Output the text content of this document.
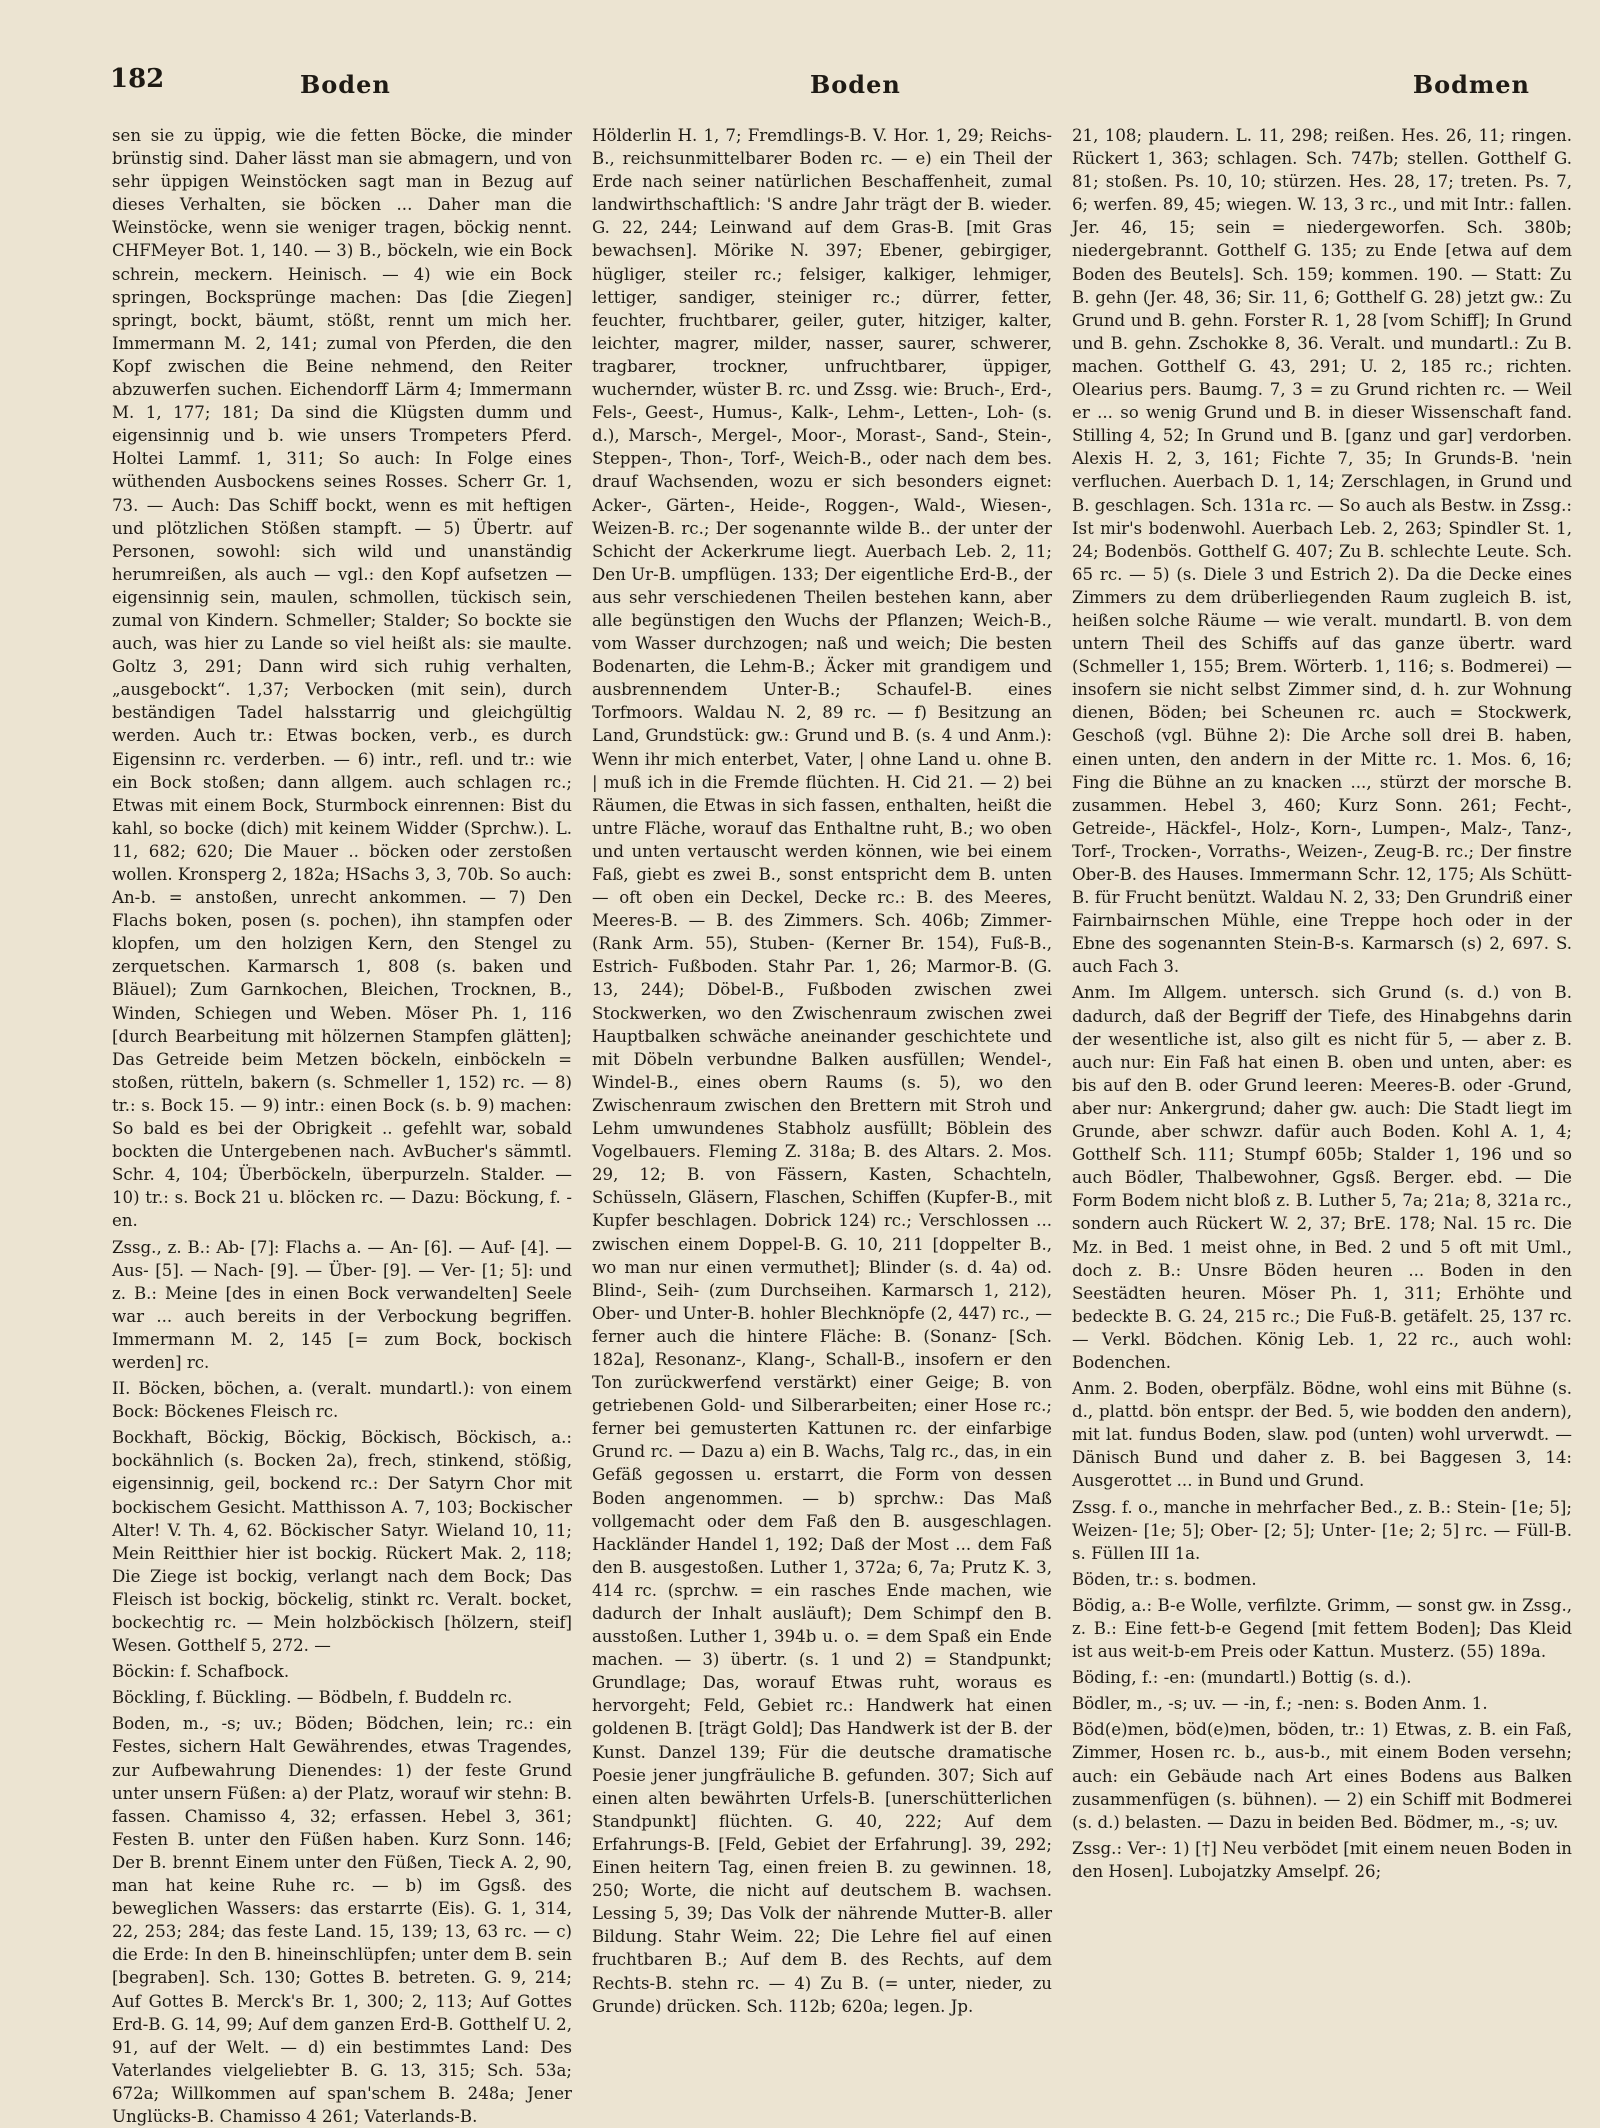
182	Boden	Boden	Bodmen

sen sie zu üppig, wie die fetten Böcke, die minder brünstig sind. Daher lässt man sie abmagern, und von sehr üppigen Weinstöcken sagt man in Bezug auf dieses Verhalten, sie böcken ... Daher man die Weinstöcke, wenn sie weniger tragen, böckig nennt. CHFMeyer Bot. 1, 140. — 3) B., böckeln, wie ein Bock schrein, meckern. Heinisch. — 4) wie ein Bock springen, Bocksprünge machen: Das [die Ziegen] springt, bockt, bäumt, stößt, rennt um mich her. Immermann M. 2, 141; zumal von Pferden, die den Kopf zwischen die Beine nehmend, den Reiter abzuwerfen suchen. Eichendorff Lärm 4; Immermann M. 1, 177; 181; Da sind die Klügsten dumm und eigensinnig und b. wie unsers Trompeters Pferd. Holtei Lammf. 1, 311; So auch: In Folge eines wüthenden Ausbockens seines Rosses. Scherr Gr. 1, 73. — Auch: Das Schiff bockt, wenn es mit heftigen und plötzlichen Stößen stampft. — 5) Übertr. auf Personen, sowohl: sich wild und unanständig herumreißen, als auch — vgl.: den Kopf aufsetzen — eigensinnig sein, maulen, schmollen, tückisch sein, zumal von Kindern. Schmeller; Stalder; So bockte sie auch, was hier zu Lande so viel heißt als: sie maulte. Goltz 3, 291; Dann wird sich ruhig verhalten, „ausgebockt“. 1,37; Verbocken (mit sein), durch beständigen Tadel halsstarrig und gleichgültig werden. Auch tr.: Etwas bocken, verb., es durch Eigensinn rc. verderben. — 6) intr., refl. und tr.: wie ein Bock stoßen; dann allgem. auch schlagen rc.; Etwas mit einem Bock, Sturmbock einrennen: Bist du kahl, so bocke (dich) mit keinem Widder (Sprchw.). L. 11, 682; 620; Die Mauer .. böcken oder zerstoßen wollen. Kronsperg 2, 182a; HSachs 3, 3, 70b. So auch: An-b. = anstoßen, unrecht ankommen. — 7) Den Flachs boken, posen (s. pochen), ihn stampfen oder klopfen, um den holzigen Kern, den Stengel zu zerquetschen. Karmarsch 1, 808 (s. baken und Bläuel); Zum Garnkochen, Bleichen, Trocknen, B., Winden, Schiegen und Weben. Möser Ph. 1, 116 [durch Bearbeitung mit hölzernen Stampfen glätten]; Das Getreide beim Metzen böckeln, einböckeln = stoßen, rütteln, bakern (s. Schmeller 1, 152) rc. — 8) tr.: s. Bock 15. — 9) intr.: einen Bock (s. b. 9) machen: So bald es bei der Obrigkeit .. gefehlt war, sobald bockten die Untergebenen nach. AvBucher's sämmtl. Schr. 4, 104; Überböckeln, überpurzeln. Stalder. — 10) tr.: s. Bock 21 u. blöcken rc. — Dazu: Böckung, f. -en.

Zssg., z. B.: Ab- [7]: Flachs a. — An- [6]. — Auf- [4]. — Aus- [5]. — Nach- [9]. — Über- [9]. — Ver- [1; 5]: und z. B.: Meine [des in einen Bock verwandelten] Seele war ... auch bereits in der Verbockung begriffen. Immermann M. 2, 145 [= zum Bock, bockisch werden] rc.

II. Böcken, böchen, a. (veralt. mundartl.): von einem Bock: Böckenes Fleisch rc.

Bockhaft, Böckig, Böckig, Böckisch, Böckisch, a.: bockähnlich (s. Bocken 2a), frech, stinkend, stößig, eigensinnig, geil, bockend rc.: Der Satyrn Chor mit bockischem Gesicht. Matthisson A. 7, 103; Bockischer Alter! V. Th. 4, 62. Böckischer Satyr. Wieland 10, 11; Mein Reitthier hier ist bockig. Rückert Mak. 2, 118; Die Ziege ist bockig, verlangt nach dem Bock; Das Fleisch ist bockig, böckelig, stinkt rc. Veralt. bocket, bockechtig rc. — Mein holzböckisch [hölzern, steif] Wesen. Gotthelf 5, 272. —

Böckin: f. Schafbock.

Böckling, f. Bückling. — Bödbeln, f. Buddeln rc.

Boden, m., -s; uv.; Böden; Bödchen, lein; rc.: ein Festes, sichern Halt Gewährendes, etwas Tragendes, zur Aufbewahrung Dienendes: 1) der feste Grund unter unsern Füßen: a) der Platz, worauf wir stehn: B. fassen. Chamisso 4, 32; erfassen. Hebel 3, 361; Festen B. unter den Füßen haben. Kurz Sonn. 146; Der B. brennt Einem unter den Füßen, Tieck A. 2, 90, man hat keine Ruhe rc. — b) im Ggsß. des beweglichen Wassers: das erstarrte (Eis). G. 1, 314, 22, 253; 284; das feste Land. 15, 139; 13, 63 rc. — c) die Erde: In den B. hineinschlüpfen; unter dem B. sein [begraben]. Sch. 130; Gottes B. betreten. G. 9, 214; Auf Gottes B. Merck's Br. 1, 300; 2, 113; Auf Gottes Erd-B. G. 14, 99; Auf dem ganzen Erd-B. Gotthelf U. 2, 91, auf der Welt. — d) ein bestimmtes Land: Des Vaterlandes vielgeliebter B. G. 13, 315; Sch. 53a; 672a; Willkommen auf span'schem B. 248a; Jener Unglücks-B. Chamisso 4 261; Vaterlands-B.

Hölderlin H. 1, 7; Fremdlings-B. V. Hor. 1, 29; Reichs-B., reichsunmittelbarer Boden rc. — e) ein Theil der Erde nach seiner natürlichen Beschaffenheit, zumal landwirthschaftlich: 'S andre Jahr trägt der B. wieder. G. 22, 244; Leinwand auf dem Gras-B. [mit Gras bewachsen]. Mörike N. 397; Ebener, gebirgiger, hügliger, steiler rc.; felsiger, kalkiger, lehmiger, lettiger, sandiger, steiniger rc.; dürrer, fetter, feuchter, fruchtbarer, geiler, guter, hitziger, kalter, leichter, magrer, milder, nasser, saurer, schwerer, tragbarer, trockner, unfruchtbarer, üppiger, wuchernder, wüster B. rc. und Zssg. wie: Bruch-, Erd-, Fels-, Geest-, Humus-, Kalk-, Lehm-, Letten-, Loh- (s. d.), Marsch-, Mergel-, Moor-, Morast-, Sand-, Stein-, Steppen-, Thon-, Torf-, Weich-B., oder nach dem bes. drauf Wachsenden, wozu er sich besonders eignet: Acker-, Gärten-, Heide-, Roggen-, Wald-, Wiesen-, Weizen-B. rc.; Der sogenannte wilde B.. der unter der Schicht der Ackerkrume liegt. Auerbach Leb. 2, 11; Den Ur-B. umpflügen. 133; Der eigentliche Erd-B., der aus sehr verschiedenen Theilen bestehen kann, aber alle begünstigen den Wuchs der Pflanzen; Weich-B., vom Wasser durchzogen; naß und weich; Die besten Bodenarten, die Lehm-B.; Äcker mit grandigem und ausbrennendem Unter-B.; Schaufel-B. eines Torfmoors. Waldau N. 2, 89 rc. — f) Besitzung an Land, Grundstück: gw.: Grund und B. (s. 4 und Anm.): Wenn ihr mich enterbet, Vater, | ohne Land u. ohne B. | muß ich in die Fremde flüchten. H. Cid 21. — 2) bei Räumen, die Etwas in sich fassen, enthalten, heißt die untre Fläche, worauf das Enthaltne ruht, B.; wo oben und unten vertauscht werden können, wie bei einem Faß, giebt es zwei B., sonst entspricht dem B. unten — oft oben ein Deckel, Decke rc.: B. des Meeres, Meeres-B. — B. des Zimmers. Sch. 406b; Zimmer- (Rank Arm. 55), Stuben- (Kerner Br. 154), Fuß-B., Estrich- Fußboden. Stahr Par. 1, 26; Marmor-B. (G. 13, 244); Döbel-B., Fußboden zwischen zwei Stockwerken, wo den Zwischenraum zwischen zwei Hauptbalken schwäche aneinander geschichtete und mit Döbeln verbundne Balken ausfüllen; Wendel-, Windel-B., eines obern Raums (s. 5), wo den Zwischenraum zwischen den Brettern mit Stroh und Lehm umwundenes Stabholz ausfüllt; Böblein des Vogelbauers. Fleming Z. 318a; B. des Altars. 2. Mos. 29, 12; B. von Fässern, Kasten, Schachteln, Schüsseln, Gläsern, Flaschen, Schiffen (Kupfer-B., mit Kupfer beschlagen. Dobrick 124) rc.; Verschlossen ... zwischen einem Doppel-B. G. 10, 211 [doppelter B., wo man nur einen vermuthet]; Blinder (s. d. 4a) od. Blind-, Seih- (zum Durchseihen. Karmarsch 1, 212), Ober- und Unter-B. hohler Blechknöpfe (2, 447) rc., — ferner auch die hintere Fläche: B. (Sonanz- [Sch. 182a], Resonanz-, Klang-, Schall-B., insofern er den Ton zurückwerfend verstärkt) einer Geige; B. von getriebenen Gold- und Silberarbeiten; einer Hose rc.; ferner bei gemusterten Kattunen rc. der einfarbige Grund rc. — Dazu a) ein B. Wachs, Talg rc., das, in ein Gefäß gegossen u. erstarrt, die Form von dessen Boden angenommen. — b) sprchw.: Das Maß vollgemacht oder dem Faß den B. ausgeschlagen. Hackländer Handel 1, 192; Daß der Most ... dem Faß den B. ausgestoßen. Luther 1, 372a; 6, 7a; Prutz K. 3, 414 rc. (sprchw. = ein rasches Ende machen, wie dadurch der Inhalt ausläuft); Dem Schimpf den B. ausstoßen. Luther 1, 394b u. o. = dem Spaß ein Ende machen. — 3) übertr. (s. 1 und 2) = Standpunkt; Grundlage; Das, worauf Etwas ruht, woraus es hervorgeht; Feld, Gebiet rc.: Handwerk hat einen goldenen B. [trägt Gold]; Das Handwerk ist der B. der Kunst. Danzel 139; Für die deutsche dramatische Poesie jener jungfräuliche B. gefunden. 307; Sich auf einen alten bewährten Urfels-B. [unerschütterlichen Standpunkt] flüchten. G. 40, 222; Auf dem Erfahrungs-B. [Feld, Gebiet der Erfahrung]. 39, 292; Einen heitern Tag, einen freien B. zu gewinnen. 18, 250; Worte, die nicht auf deutschem B. wachsen. Lessing 5, 39; Das Volk der nährende Mutter-B. aller Bildung. Stahr Weim. 22; Die Lehre fiel auf einen fruchtbaren B.; Auf dem B. des Rechts, auf dem Rechts-B. stehn rc. — 4) Zu B. (= unter, nieder, zu Grunde) drücken. Sch. 112b; 620a; legen. Jp.

21, 108; plaudern. L. 11, 298; reißen. Hes. 26, 11; ringen. Rückert 1, 363; schlagen. Sch. 747b; stellen. Gotthelf G. 81; stoßen. Ps. 10, 10; stürzen. Hes. 28, 17; treten. Ps. 7, 6; werfen. 89, 45; wiegen. W. 13, 3 rc., und mit Intr.: fallen. Jer. 46, 15; sein = niedergeworfen. Sch. 380b; niedergebrannt. Gotthelf G. 135; zu Ende [etwa auf dem Boden des Beutels]. Sch. 159; kommen. 190. — Statt: Zu B. gehn (Jer. 48, 36; Sir. 11, 6; Gotthelf G. 28) jetzt gw.: Zu Grund und B. gehn. Forster R. 1, 28 [vom Schiff]; In Grund und B. gehn. Zschokke 8, 36. Veralt. und mundartl.: Zu B. machen. Gotthelf G. 43, 291; U. 2, 185 rc.; richten. Olearius pers. Baumg. 7, 3 = zu Grund richten rc. — Weil er ... so wenig Grund und B. in dieser Wissenschaft fand. Stilling 4, 52; In Grund und B. [ganz und gar] verdorben. Alexis H. 2, 3, 161; Fichte 7, 35; In Grunds-B. 'nein verfluchen. Auerbach D. 1, 14; Zerschlagen, in Grund und B. geschlagen. Sch. 131a rc. — So auch als Bestw. in Zssg.: Ist mir's bodenwohl. Auerbach Leb. 2, 263; Spindler St. 1, 24; Bodenbös. Gotthelf G. 407; Zu B. schlechte Leute. Sch. 65 rc. — 5) (s. Diele 3 und Estrich 2). Da die Decke eines Zimmers zu dem drüberliegenden Raum zugleich B. ist, heißen solche Räume — wie veralt. mundartl. B. von dem untern Theil des Schiffs auf das ganze übertr. ward (Schmeller 1, 155; Brem. Wörterb. 1, 116; s. Bodmerei) — insofern sie nicht selbst Zimmer sind, d. h. zur Wohnung dienen, Böden; bei Scheunen rc. auch = Stockwerk, Geschoß (vgl. Bühne 2): Die Arche soll drei B. haben, einen unten, den andern in der Mitte rc. 1. Mos. 6, 16; Fing die Bühne an zu knacken ..., stürzt der morsche B. zusammen. Hebel 3, 460; Kurz Sonn. 261; Fecht-, Getreide-, Häckfel-, Holz-, Korn-, Lumpen-, Malz-, Tanz-, Torf-, Trocken-, Vorraths-, Weizen-, Zeug-B. rc.; Der finstre Ober-B. des Hauses. Immermann Schr. 12, 175; Als Schütt-B. für Frucht benützt. Waldau N. 2, 33; Den Grundriß einer Fairnbairnschen Mühle, eine Treppe hoch oder in der Ebne des sogenannten Stein-B-s. Karmarsch (s) 2, 697. S. auch Fach 3.

Anm. Im Allgem. untersch. sich Grund (s. d.) von B. dadurch, daß der Begriff der Tiefe, des Hinabgehns darin der wesentliche ist, also gilt es nicht für 5, — aber z. B. auch nur: Ein Faß hat einen B. oben und unten, aber: es bis auf den B. oder Grund leeren: Meeres-B. oder -Grund, aber nur: Ankergrund; daher gw. auch: Die Stadt liegt im Grunde, aber schwzr. dafür auch Boden. Kohl A. 1, 4; Gotthelf Sch. 111; Stumpf 605b; Stalder 1, 196 und so auch Bödler, Thalbewohner, Ggsß. Berger. ebd. — Die Form Bodem nicht bloß z. B. Luther 5, 7a; 21a; 8, 321a rc., sondern auch Rückert W. 2, 37; BrE. 178; Nal. 15 rc. Die Mz. in Bed. 1 meist ohne, in Bed. 2 und 5 oft mit Uml., doch z. B.: Unsre Böden heuren ... Boden in den Seestädten heuren. Möser Ph. 1, 311; Erhöhte und bedeckte B. G. 24, 215 rc.; Die Fuß-B. getäfelt. 25, 137 rc. — Verkl. Bödchen. König Leb. 1, 22 rc., auch wohl: Bodenchen.

Anm. 2. Boden, oberpfälz. Bödne, wohl eins mit Bühne (s. d., plattd. bön entspr. der Bed. 5, wie bodden den andern), mit lat. fundus Boden, slaw. pod (unten) wohl urverwdt. — Dänisch Bund und daher z. B. bei Baggesen 3, 14: Ausgerottet ... in Bund und Grund.

Zssg. f. o., manche in mehrfacher Bed., z. B.: Stein- [1e; 5]; Weizen- [1e; 5]; Ober- [2; 5]; Unter- [1e; 2; 5] rc. — Füll-B. s. Füllen III 1a.

Böden, tr.: s. bodmen.

Bödig, a.: B-e Wolle, verfilzte. Grimm, — sonst gw. in Zssg., z. B.: Eine fett-b-e Gegend [mit fettem Boden]; Das Kleid ist aus weit-b-em Preis oder Kattun. Musterz. (55) 189a.

Böding, f.: -en: (mundartl.) Bottig (s. d.).

Bödler, m., -s; uv. — -in, f.; -nen: s. Boden Anm. 1.

Böd(e)men, böd(e)men, böden, tr.: 1) Etwas, z. B. ein Faß, Zimmer, Hosen rc. b., aus-b., mit einem Boden versehn; auch: ein Gebäude nach Art eines Bodens aus Balken zusammenfügen (s. bühnen). — 2) ein Schiff mit Bodmerei (s. d.) belasten. — Dazu in beiden Bed. Bödmer, m., -s; uv.

Zssg.: Ver-: 1) [†] Neu verbödet [mit einem neuen Boden in den Hosen]. Lubojatzky Amselpf. 26;
